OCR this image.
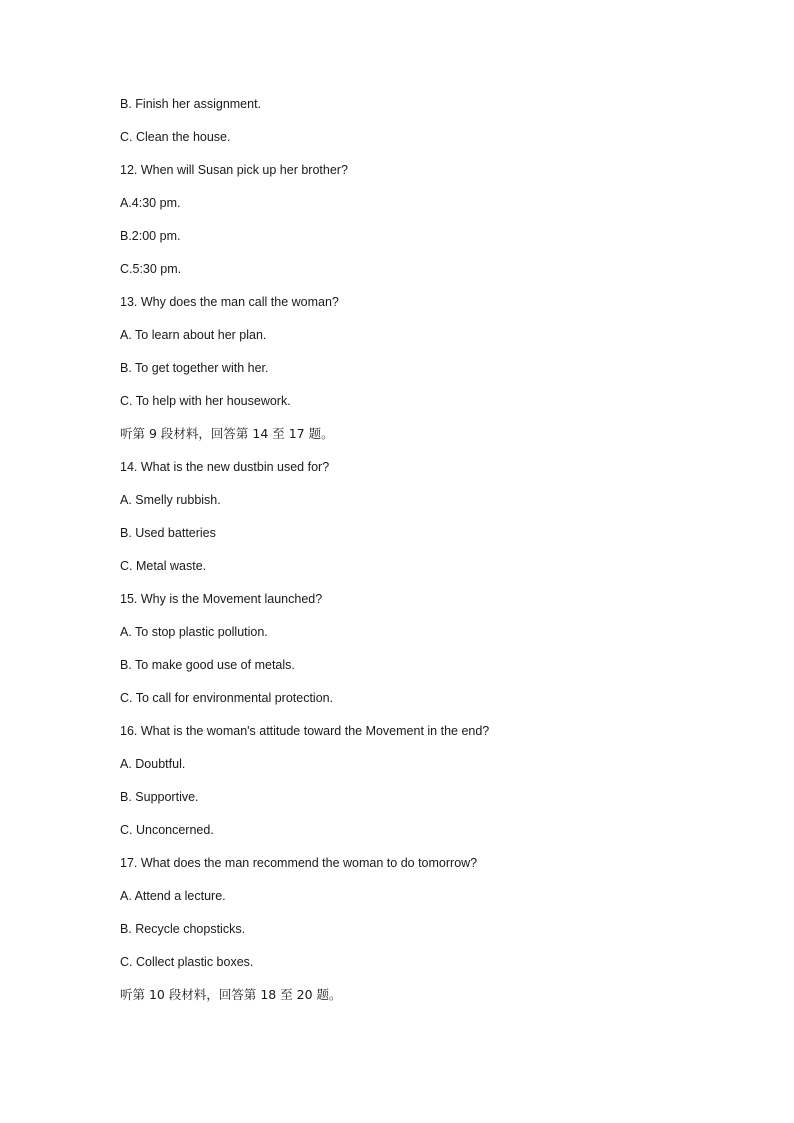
B. Finish her assignment.
C. Clean the house.
12. When will Susan pick up her brother?
A.4:30 pm.
B.2:00 pm.
C.5:30 pm.
13. Why does the man call the woman?
A. To learn about her plan.
B. To get together with her.
C. To help with her housework.
听第 9 段材料，回答第 14 至 17 题。
14. What is the new dustbin used for?
A. Smelly rubbish.
B. Used batteries
C. Metal waste.
15. Why is the Movement launched?
A. To stop plastic pollution.
B. To make good use of metals.
C. To call for environmental protection.
16. What is the woman's attitude toward the Movement in the end?
A. Doubtful.
B. Supportive.
C. Unconcerned.
17. What does the man recommend the woman to do tomorrow?
A. Attend a lecture.
B. Recycle chopsticks.
C. Collect plastic boxes.
听第 10 段材料，回答第 18 至 20 题。
